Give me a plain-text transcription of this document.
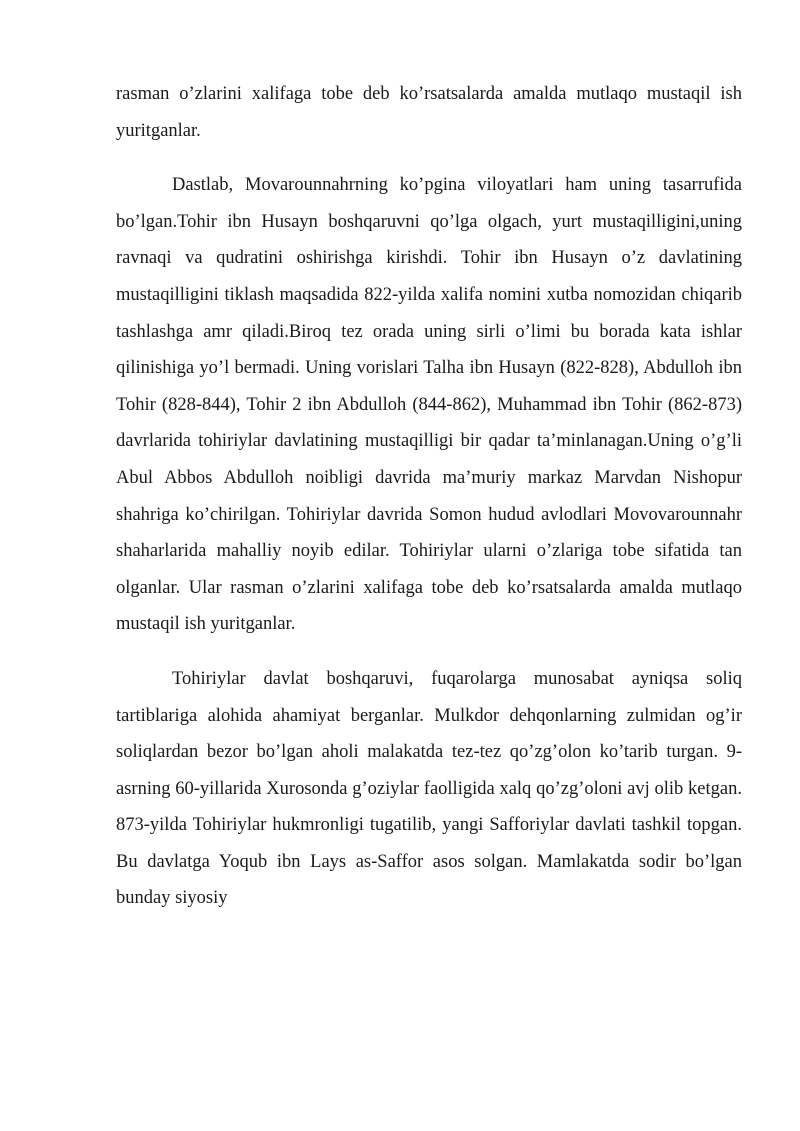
rasman o’zlarini xalifaga tobe deb ko’rsatsalarda amalda mutlaqo mustaqil ish yuritganlar.

Dastlab, Movarounnahrning ko’pgina viloyatlari ham uning tasarrufida bo’lgan.Tohir ibn Husayn boshqaruvni qo’lga olgach, yurt mustaqilligini,uning ravnaqi va qudratini oshirishga kirishdi. Tohir ibn Husayn o’z davlatining mustaqilligini tiklash maqsadida 822-yilda xalifa nomini xutba nomozidan chiqarib tashlashga amr qiladi.Biroq tez orada uning sirli o’limi bu borada kata ishlar qilinishiga yo’l bermadi. Uning vorislari Talha ibn Husayn (822-828), Abdulloh ibn Tohir (828-844), Tohir 2 ibn Abdulloh (844-862), Muhammad ibn Tohir (862-873) davrlarida tohiriylar davlatining mustaqilligi bir qadar ta’minlanagan.Uning o’g’li Abul Abbos Abdulloh noibligi davrida ma’muriy markaz Marvdan Nishopur shahriga ko’chirilgan. Tohiriylar davrida Somon hudud avlodlari Movovarounnahr shaharlarida mahalliy noyib edilar. Tohiriylar ularni o’zlariga tobe sifatida tan olganlar. Ular rasman o’zlarini xalifaga tobe deb ko’rsatsalarda amalda mutlaqo mustaqil ish yuritganlar.

Tohiriylar davlat boshqaruvi, fuqarolarga munosabat ayniqsa soliq tartiblariga alohida ahamiyat berganlar. Mulkdor dehqonlarning zulmidan og’ir soliqlardan bezor bo’lgan aholi malakatda tez-tez qo’zg’olon ko’tarib turgan. 9-asrning 60-yillarida Xurosonda g’oziylar faolligida xalq qo’zg’oloni avj olib ketgan. 873-yilda Tohiriylar hukmronligi tugatilib, yangi Safforiylar davlati tashkil topgan. Bu davlatga Yoqub ibn Lays as-Saffor asos solgan. Mamlakatda sodir bo’lgan bunday siyosiy
